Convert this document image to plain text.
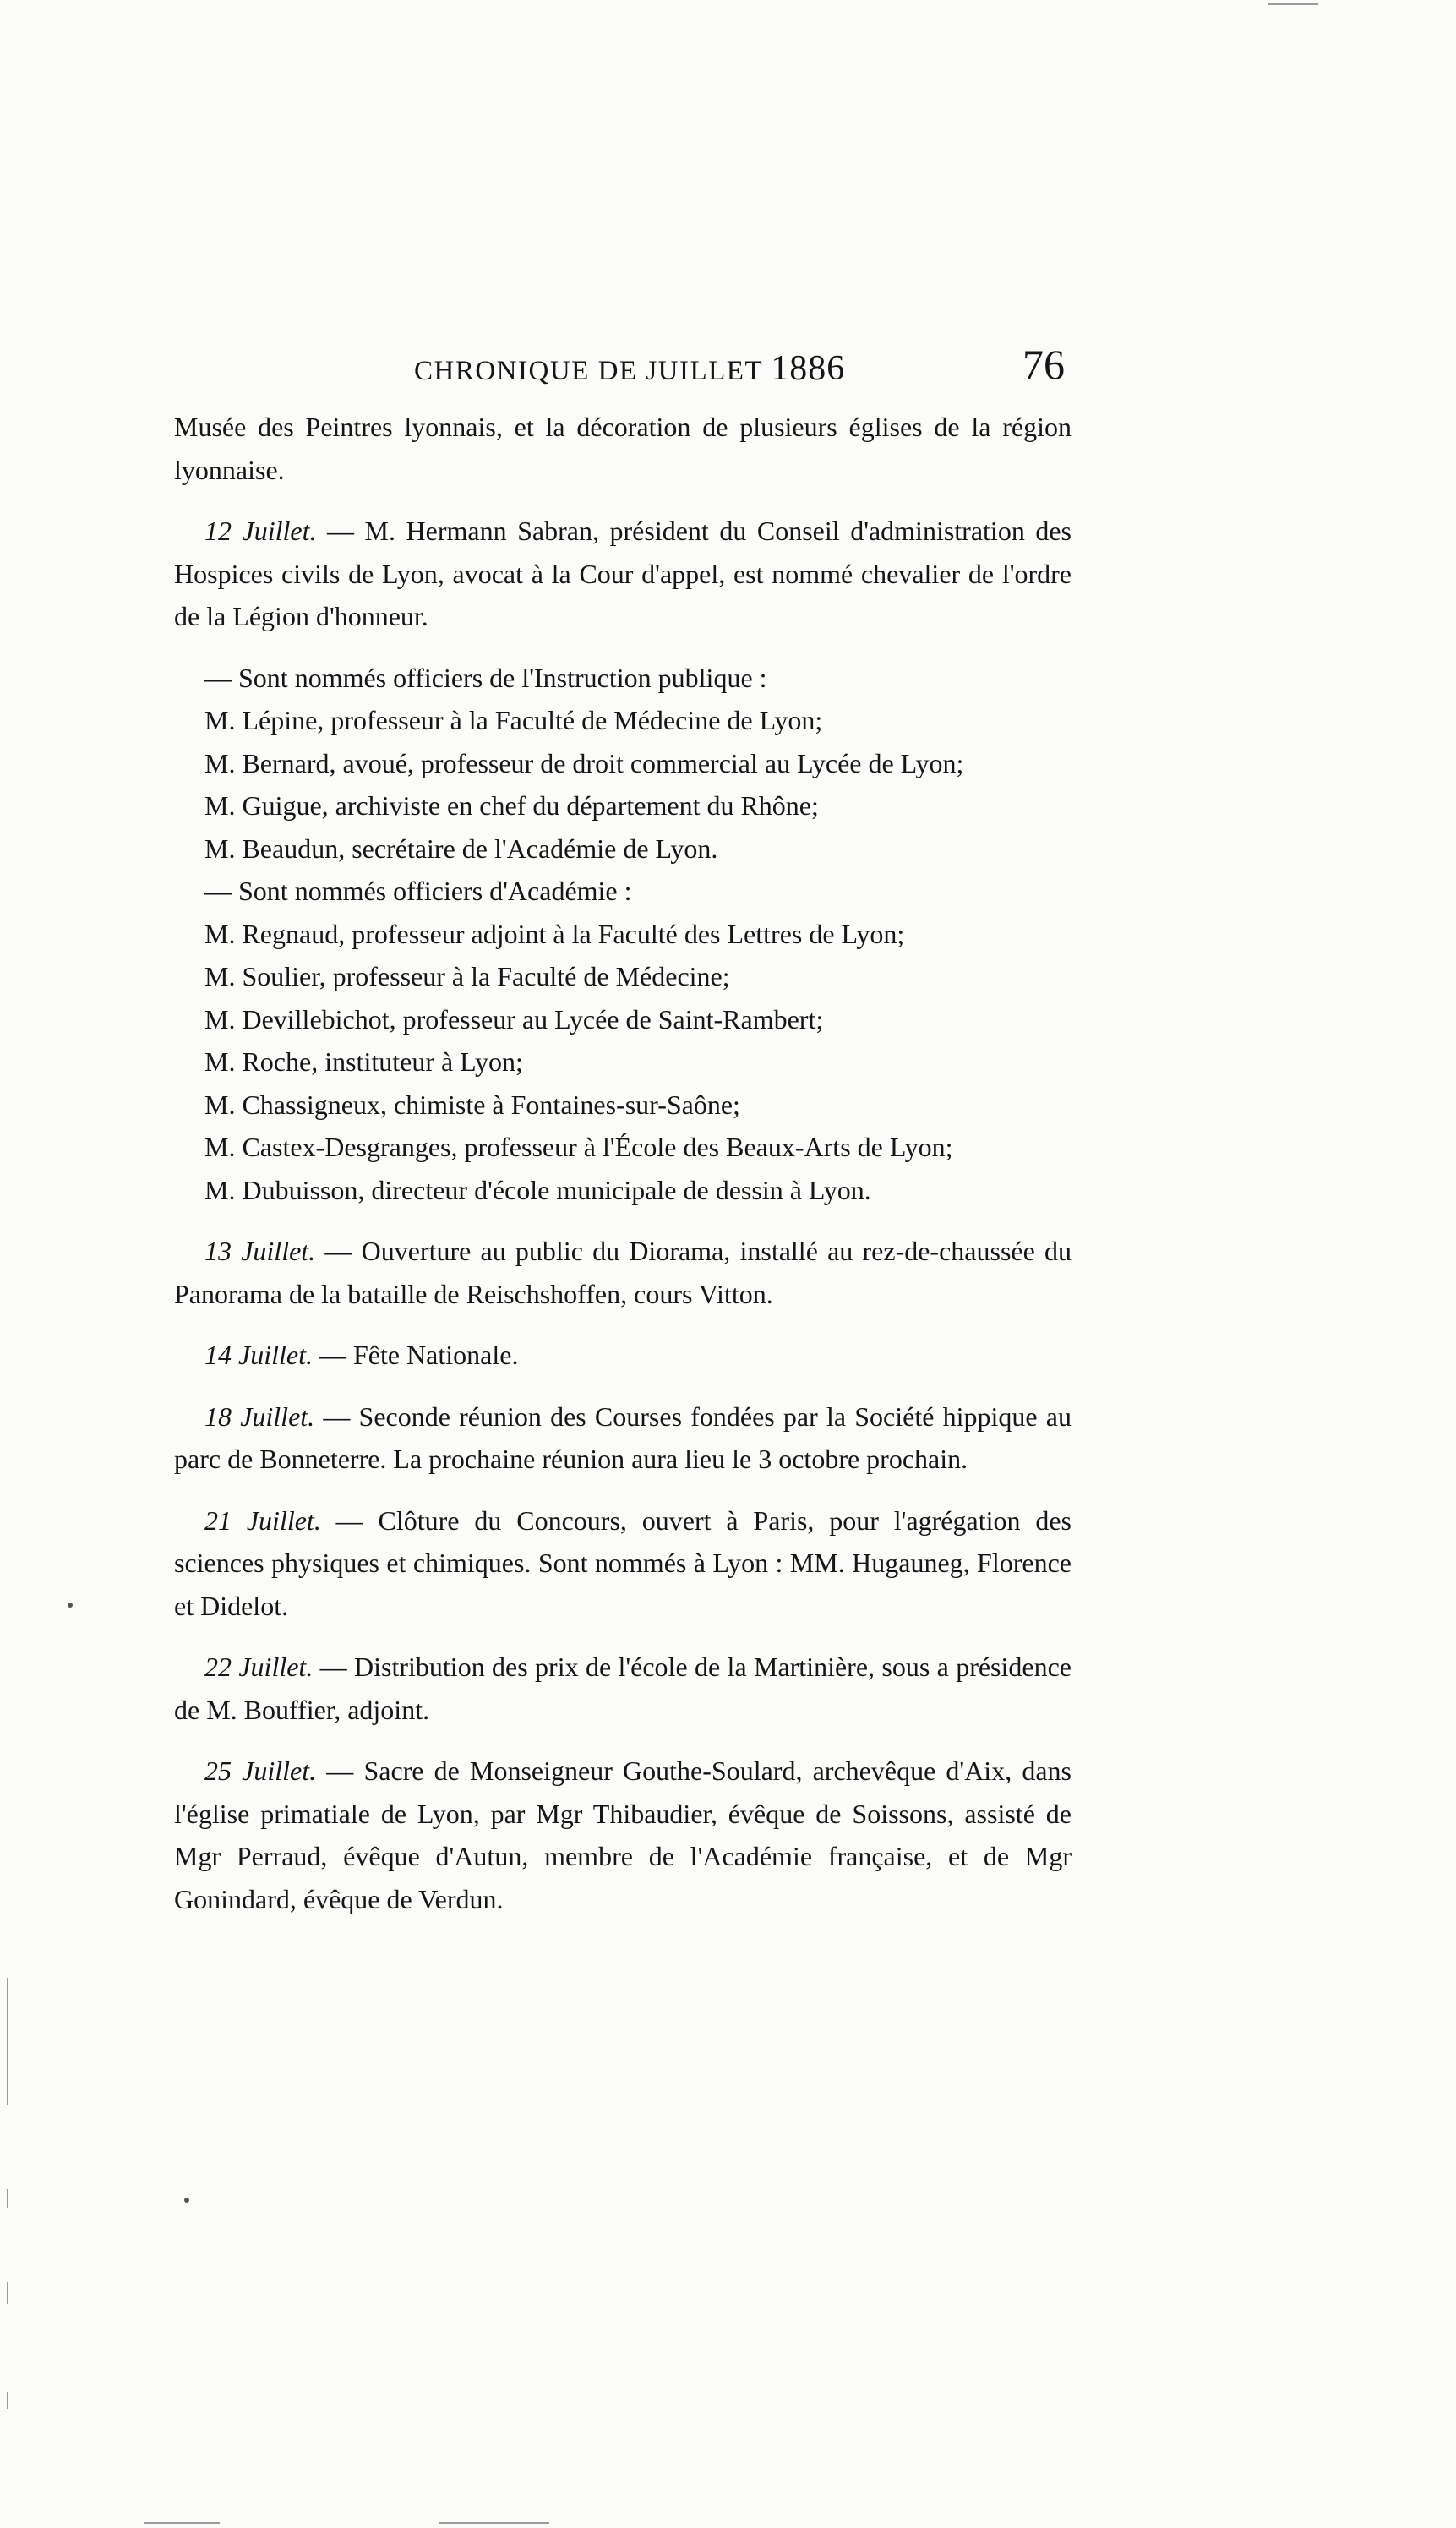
CHRONIQUE DE JUILLET 1886	76

Musée des Peintres lyonnais, et la décoration de plusieurs églises de la région lyonnaise.

12 Juillet. — M. Hermann Sabran, président du Conseil d'administration des Hospices civils de Lyon, avocat à la Cour d'appel, est nommé chevalier de l'ordre de la Légion d'honneur.

— Sont nommés officiers de l'Instruction publique :

M. Lépine, professeur à la Faculté de Médecine de Lyon;

M. Bernard, avoué, professeur de droit commercial au Lycée de Lyon;

M. Guigue, archiviste en chef du département du Rhône;

M. Beaudun, secrétaire de l'Académie de Lyon.

— Sont nommés officiers d'Académie :

M. Regnaud, professeur adjoint à la Faculté des Lettres de Lyon;

M. Soulier, professeur à la Faculté de Médecine;

M. Devillebichot, professeur au Lycée de Saint-Rambert;

M. Roche, instituteur à Lyon;

M. Chassigneux, chimiste à Fontaines-sur-Saône;

M. Castex-Desgranges, professeur à l'École des Beaux-Arts de Lyon;

M. Dubuisson, directeur d'école municipale de dessin à Lyon.

13 Juillet. — Ouverture au public du Diorama, installé au rez-de-chaussée du Panorama de la bataille de Reischshoffen, cours Vitton.

14 Juillet. — Fête Nationale.

18 Juillet. — Seconde réunion des Courses fondées par la Société hippique au parc de Bonneterre. La prochaine réunion aura lieu le 3 octobre prochain.

21 Juillet. — Clôture du Concours, ouvert à Paris, pour l'agrégation des sciences physiques et chimiques. Sont nommés à Lyon : MM. Hugauneg, Florence et Didelot.

22 Juillet. — Distribution des prix de l'école de la Martinière, sous a présidence de M. Bouffier, adjoint.

25 Juillet. — Sacre de Monseigneur Gouthe-Soulard, archevêque d'Aix, dans l'église primatiale de Lyon, par Mgr Thibaudier, évêque de Soissons, assisté de Mgr Perraud, évêque d'Autun, membre de l'Académie française, et de Mgr Gonindard, évêque de Verdun.
